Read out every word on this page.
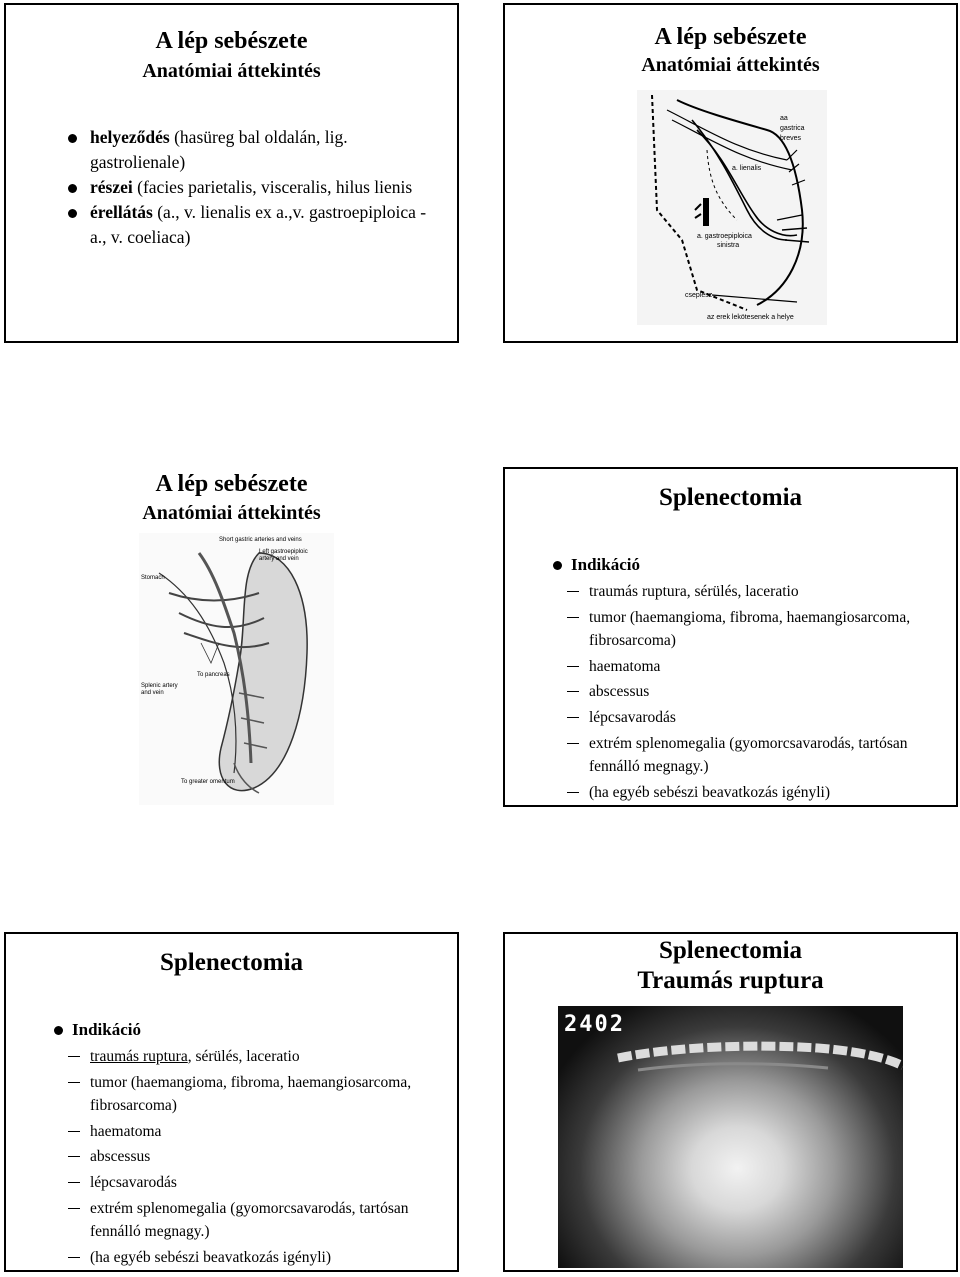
A lép sebészete
Anatómiai áttekintés
helyeződés (hasüreg bal oldalán, lig. gastrolienale)
részei (facies parietalis, visceralis, hilus lienis
érellátás (a., v. lienalis ex a.,v. gastroepiploica - a., v. coeliaca)
A lép sebészete
Anatómiai áttekintés
aa
gastrica
breves
a. lienalis
a. gastroepiploica
sinistra
cseplesz
az erek lekötesenek a helye
A lép sebészete
Anatómiai áttekintés
Short gastric arteries and veins
Left gastroepiploic
artery and vein
Stomach
To pancreas
Splenic artery
and vein
To greater omentum
Splenectomia
Indikáció
traumás ruptura, sérülés, laceratio
tumor (haemangioma, fibroma, haemangiosarcoma, fibrosarcoma)
haematoma
abscessus
lépcsavarodás
extrém splenomegalia (gyomorcsavarodás, tartósan fennálló megnagy.)
(ha egyéb sebészi beavatkozás igényli)
Splenectomia
Indikáció
traumás ruptura, sérülés, laceratio
tumor (haemangioma, fibroma, haemangiosarcoma, fibrosarcoma)
haematoma
abscessus
lépcsavarodás
extrém splenomegalia (gyomorcsavarodás, tartósan fennálló megnagy.)
(ha egyéb sebészi beavatkozás igényli)
Splenectomia
Traumás ruptura
2402
